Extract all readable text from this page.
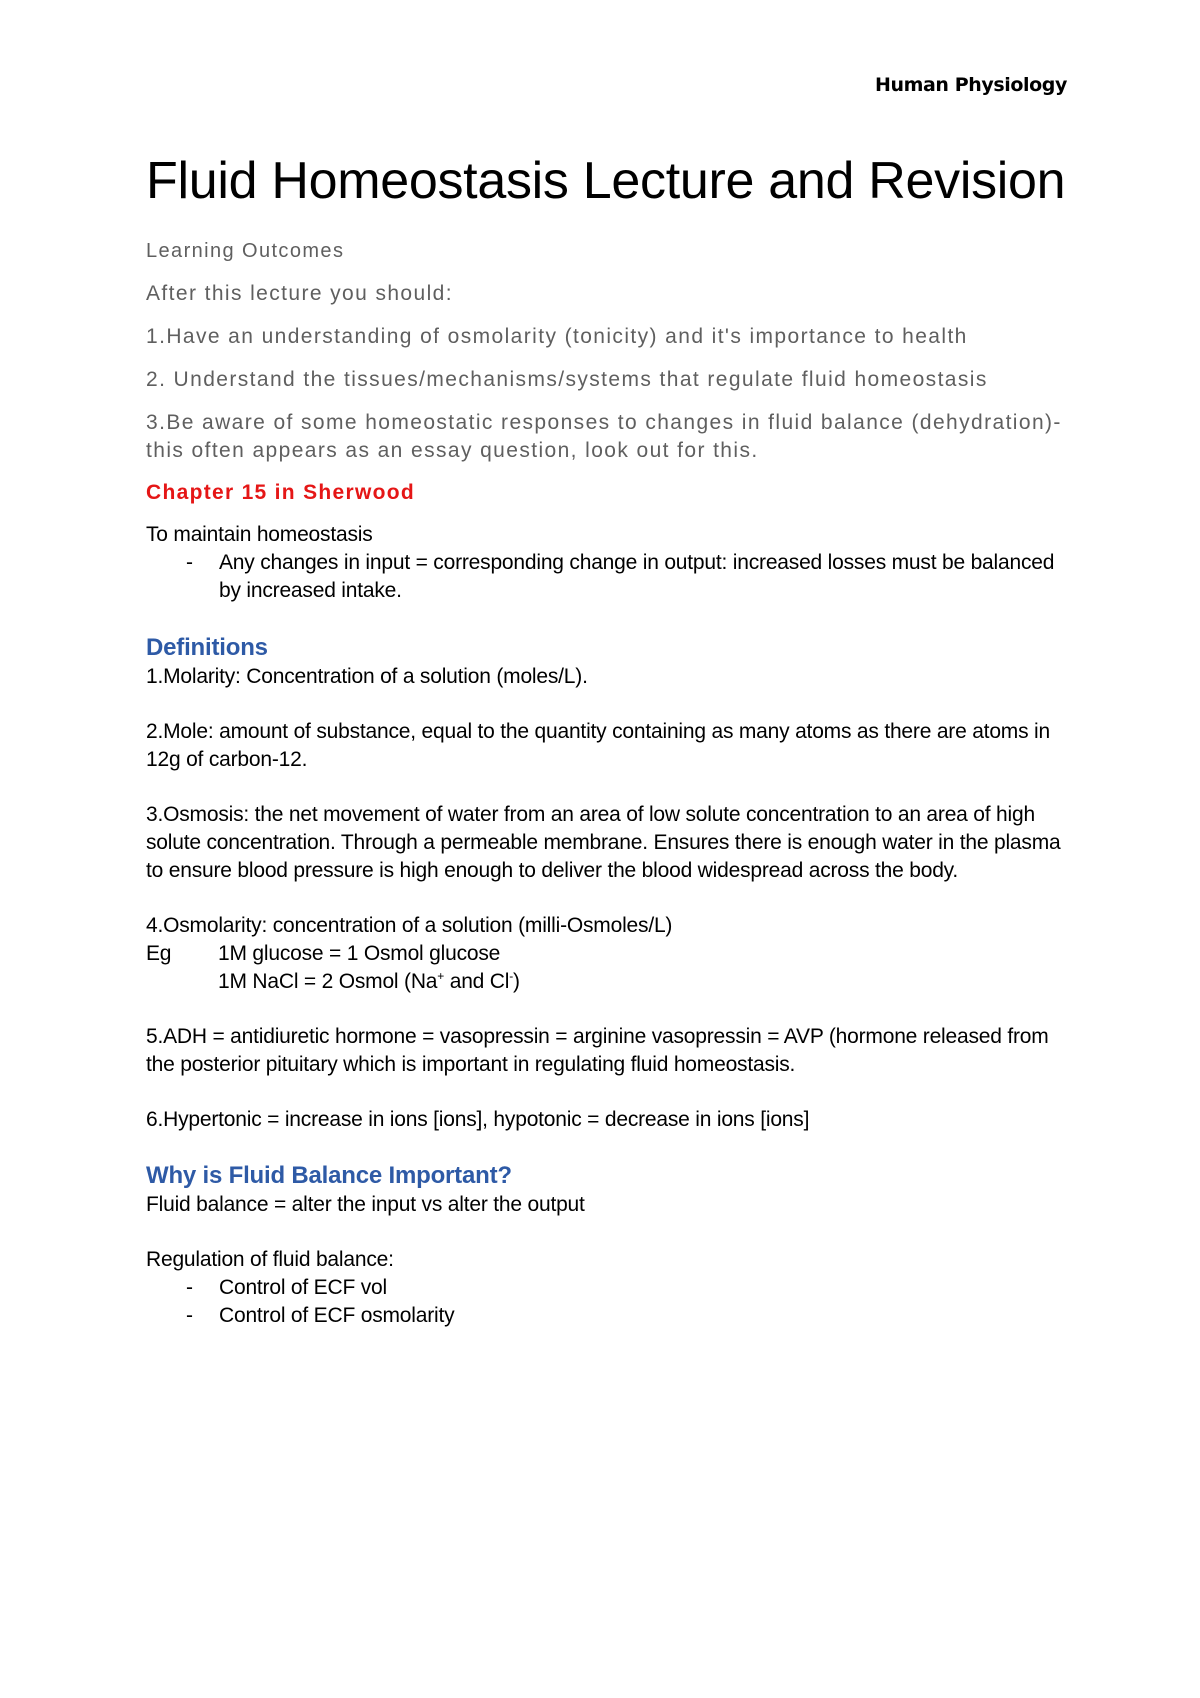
Human Physiology
Fluid Homeostasis Lecture and Revision
Learning Outcomes
After this lecture you should:
1.Have an understanding of osmolarity (tonicity) and it's importance to health
2. Understand the tissues/mechanisms/systems that regulate fluid homeostasis
3.Be aware of some homeostatic responses to changes in fluid balance (dehydration)- this often appears as an essay question, look out for this.
Chapter 15 in Sherwood

To maintain homeostasis

-	Any changes in input = corresponding change in output: increased losses must be balanced by increased intake.
Definitions

1.Molarity: Concentration of a solution (moles/L).

2.Mole: amount of substance, equal to the quantity containing as many atoms as there are atoms in 12g of carbon-12.

3.Osmosis: the net movement of water from an area of low solute concentration to an area of high solute concentration. Through a permeable membrane. Ensures there is enough water in the plasma to ensure blood pressure is high enough to deliver the blood widespread across the body.

4.Osmolarity: concentration of a solution (milli-Osmoles/L)

Eg	1M glucose = 1 Osmol glucose
1M NaCl = 2 Osmol (Na+ and Cl-)

5.ADH = antidiuretic hormone = vasopressin = arginine vasopressin = AVP (hormone released from the posterior pituitary which is important in regulating fluid homeostasis.

6.Hypertonic = increase in ions [ions], hypotonic = decrease in ions [ions]

Why is Fluid Balance Important?

Fluid balance = alter the input vs alter the output

Regulation of fluid balance:

-	Control of ECF vol
-	Control of ECF osmolarity
